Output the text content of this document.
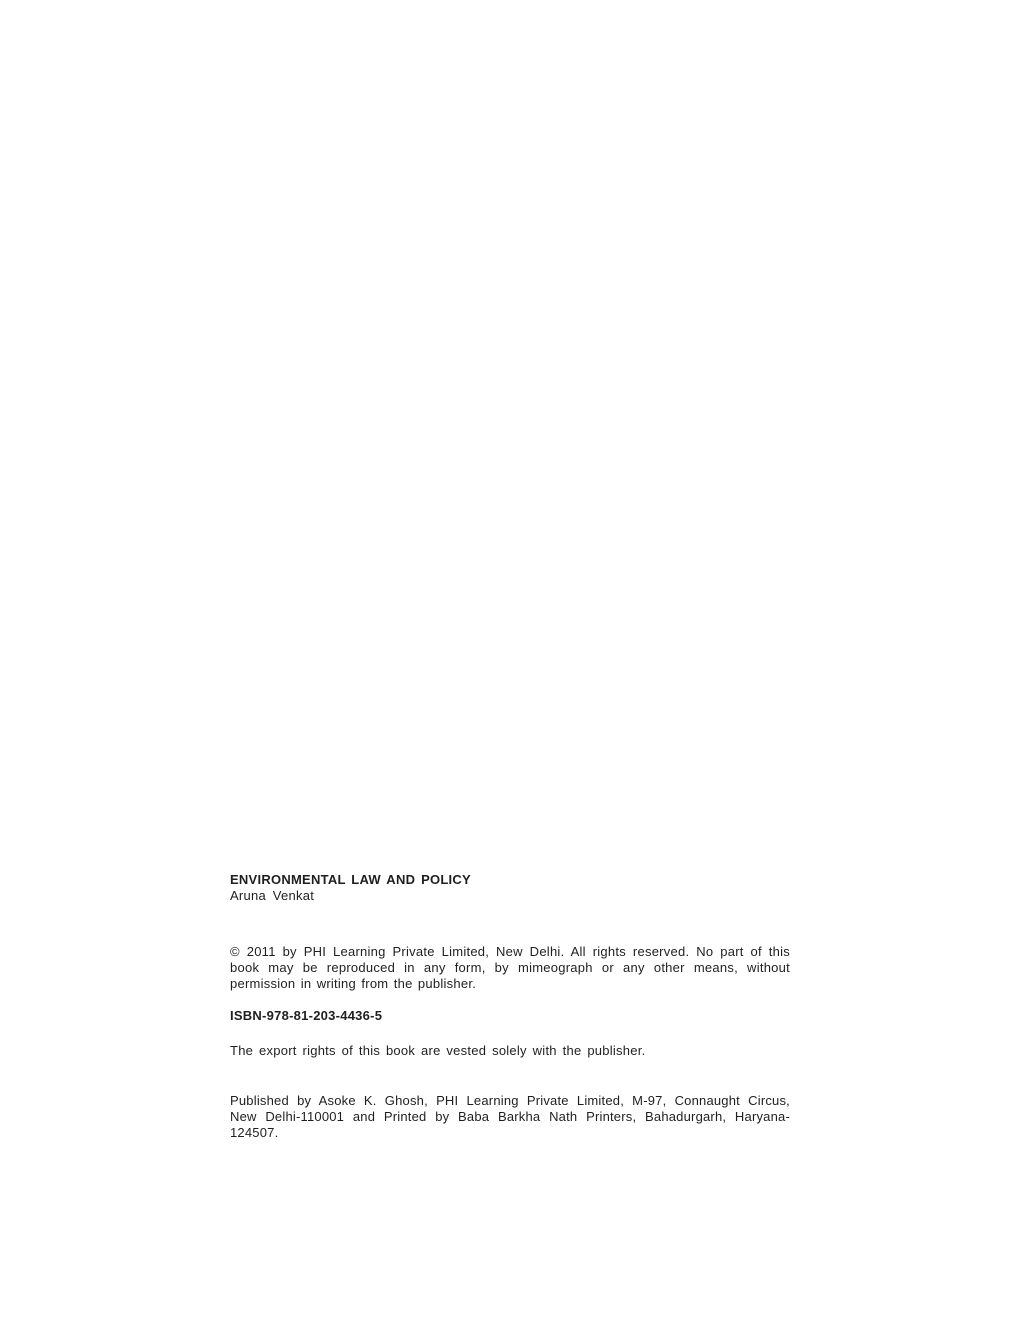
ENVIRONMENTAL LAW AND POLICY

Aruna Venkat

© 2011 by PHI Learning Private Limited, New Delhi. All rights reserved. No part of this book may be reproduced in any form, by mimeograph or any other means, without permission in writing from the publisher.

ISBN-978-81-203-4436-5

The export rights of this book are vested solely with the publisher.

Published by Asoke K. Ghosh, PHI Learning Private Limited, M-97, Connaught Circus,
New Delhi-110001 and Printed by Baba Barkha Nath Printers, Bahadurgarh, Haryana-124507.
